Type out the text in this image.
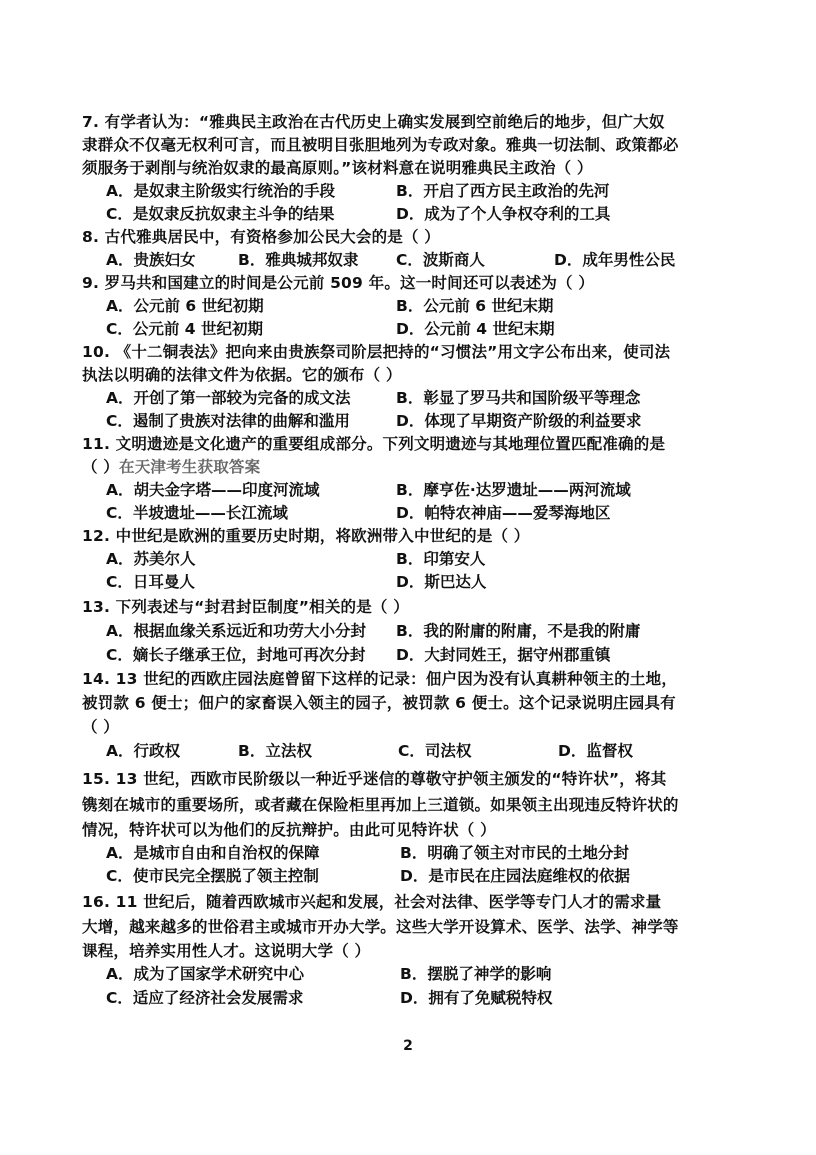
7. 有学者认为：“雅典民主政治在古代历史上确实发展到空前绝后的地步，但广大奴
隶群众不仅毫无权利可言，而且被明目张胆地列为专政对象。雅典一切法制、政策都必
须服务于剥削与统治奴隶的最高原则。”该材料意在说明雅典民主政治（ ）
A．是奴隶主阶级实行统治的手段	B．开启了西方民主政治的先河
C．是奴隶反抗奴隶主斗争的结果	D．成为了个人争权夺利的工具
8. 古代雅典居民中，有资格参加公民大会的是（ ）
A．贵族妇女	B．雅典城邦奴隶 C．波斯商人	D．成年男性公民
9. 罗马共和国建立的时间是公元前 509 年。这一时间还可以表述为（ ）
A．公元前 6 世纪初期	B．公元前 6 世纪末期
C．公元前 4 世纪初期	D．公元前 4 世纪末期
10. 《十二铜表法》把向来由贵族祭司阶层把持的“习惯法”用文字公布出来，使司法
执法以明确的法律文件为依据。它的颁布（ ）
A．开创了第一部较为完备的成文法	B．彰显了罗马共和国阶级平等理念
C．遏制了贵族对法律的曲解和滥用	D．体现了早期资产阶级的利益要求
11. 文明遗迹是文化遗产的重要组成部分。下列文明遗迹与其地理位置匹配准确的是
（ ）在天津考生获取答案
A．胡夫金字塔——印度河流域	B．摩亨佐·达罗遗址——两河流域
C．半坡遗址——长江流域	D．帕特农神庙——爱琴海地区
12. 中世纪是欧洲的重要历史时期，将欧洲带入中世纪的是（ ）
A．苏美尔人	B．印第安人
C．日耳曼人	D．斯巴达人
13. 下列表述与“封君封臣制度”相关的是（ ）
A．根据血缘关系远近和功劳大小分封 B．我的附庸的附庸，不是我的附庸
C．嫡长子继承王位，封地可再次分封 D．大封同姓王，据守州郡重镇
14. 13 世纪的西欧庄园法庭曾留下这样的记录：佃户因为没有认真耕种领主的土地，
被罚款 6 便士；佃户的家畜误入领主的园子，被罚款 6 便士。这个记录说明庄园具有
（ ）
A．行政权	B．立法权	C．司法权	D．监督权
15. 13 世纪，西欧市民阶级以一种近乎迷信的尊敬守护领主颁发的“特许状”，将其
镌刻在城市的重要场所，或者藏在保险柜里再加上三道锁。如果领主出现违反特许状的
情况，特许状可以为他们的反抗辩护。由此可见特许状（ ）
A．是城市自由和自治权的保障	B．明确了领主对市民的土地分封
C．使市民完全摆脱了领主控制	D．是市民在庄园法庭维权的依据
16. 11 世纪后，随着西欧城市兴起和发展，社会对法律、医学等专门人才的需求量
大增，越来越多的世俗君主或城市开办大学。这些大学开设算术、医学、法学、神学等
课程，培养实用性人才。这说明大学（ ）
A．成为了国家学术研究中心	B．摆脱了神学的影响
C．适应了经济社会发展需求	D．拥有了免赋税特权
2
